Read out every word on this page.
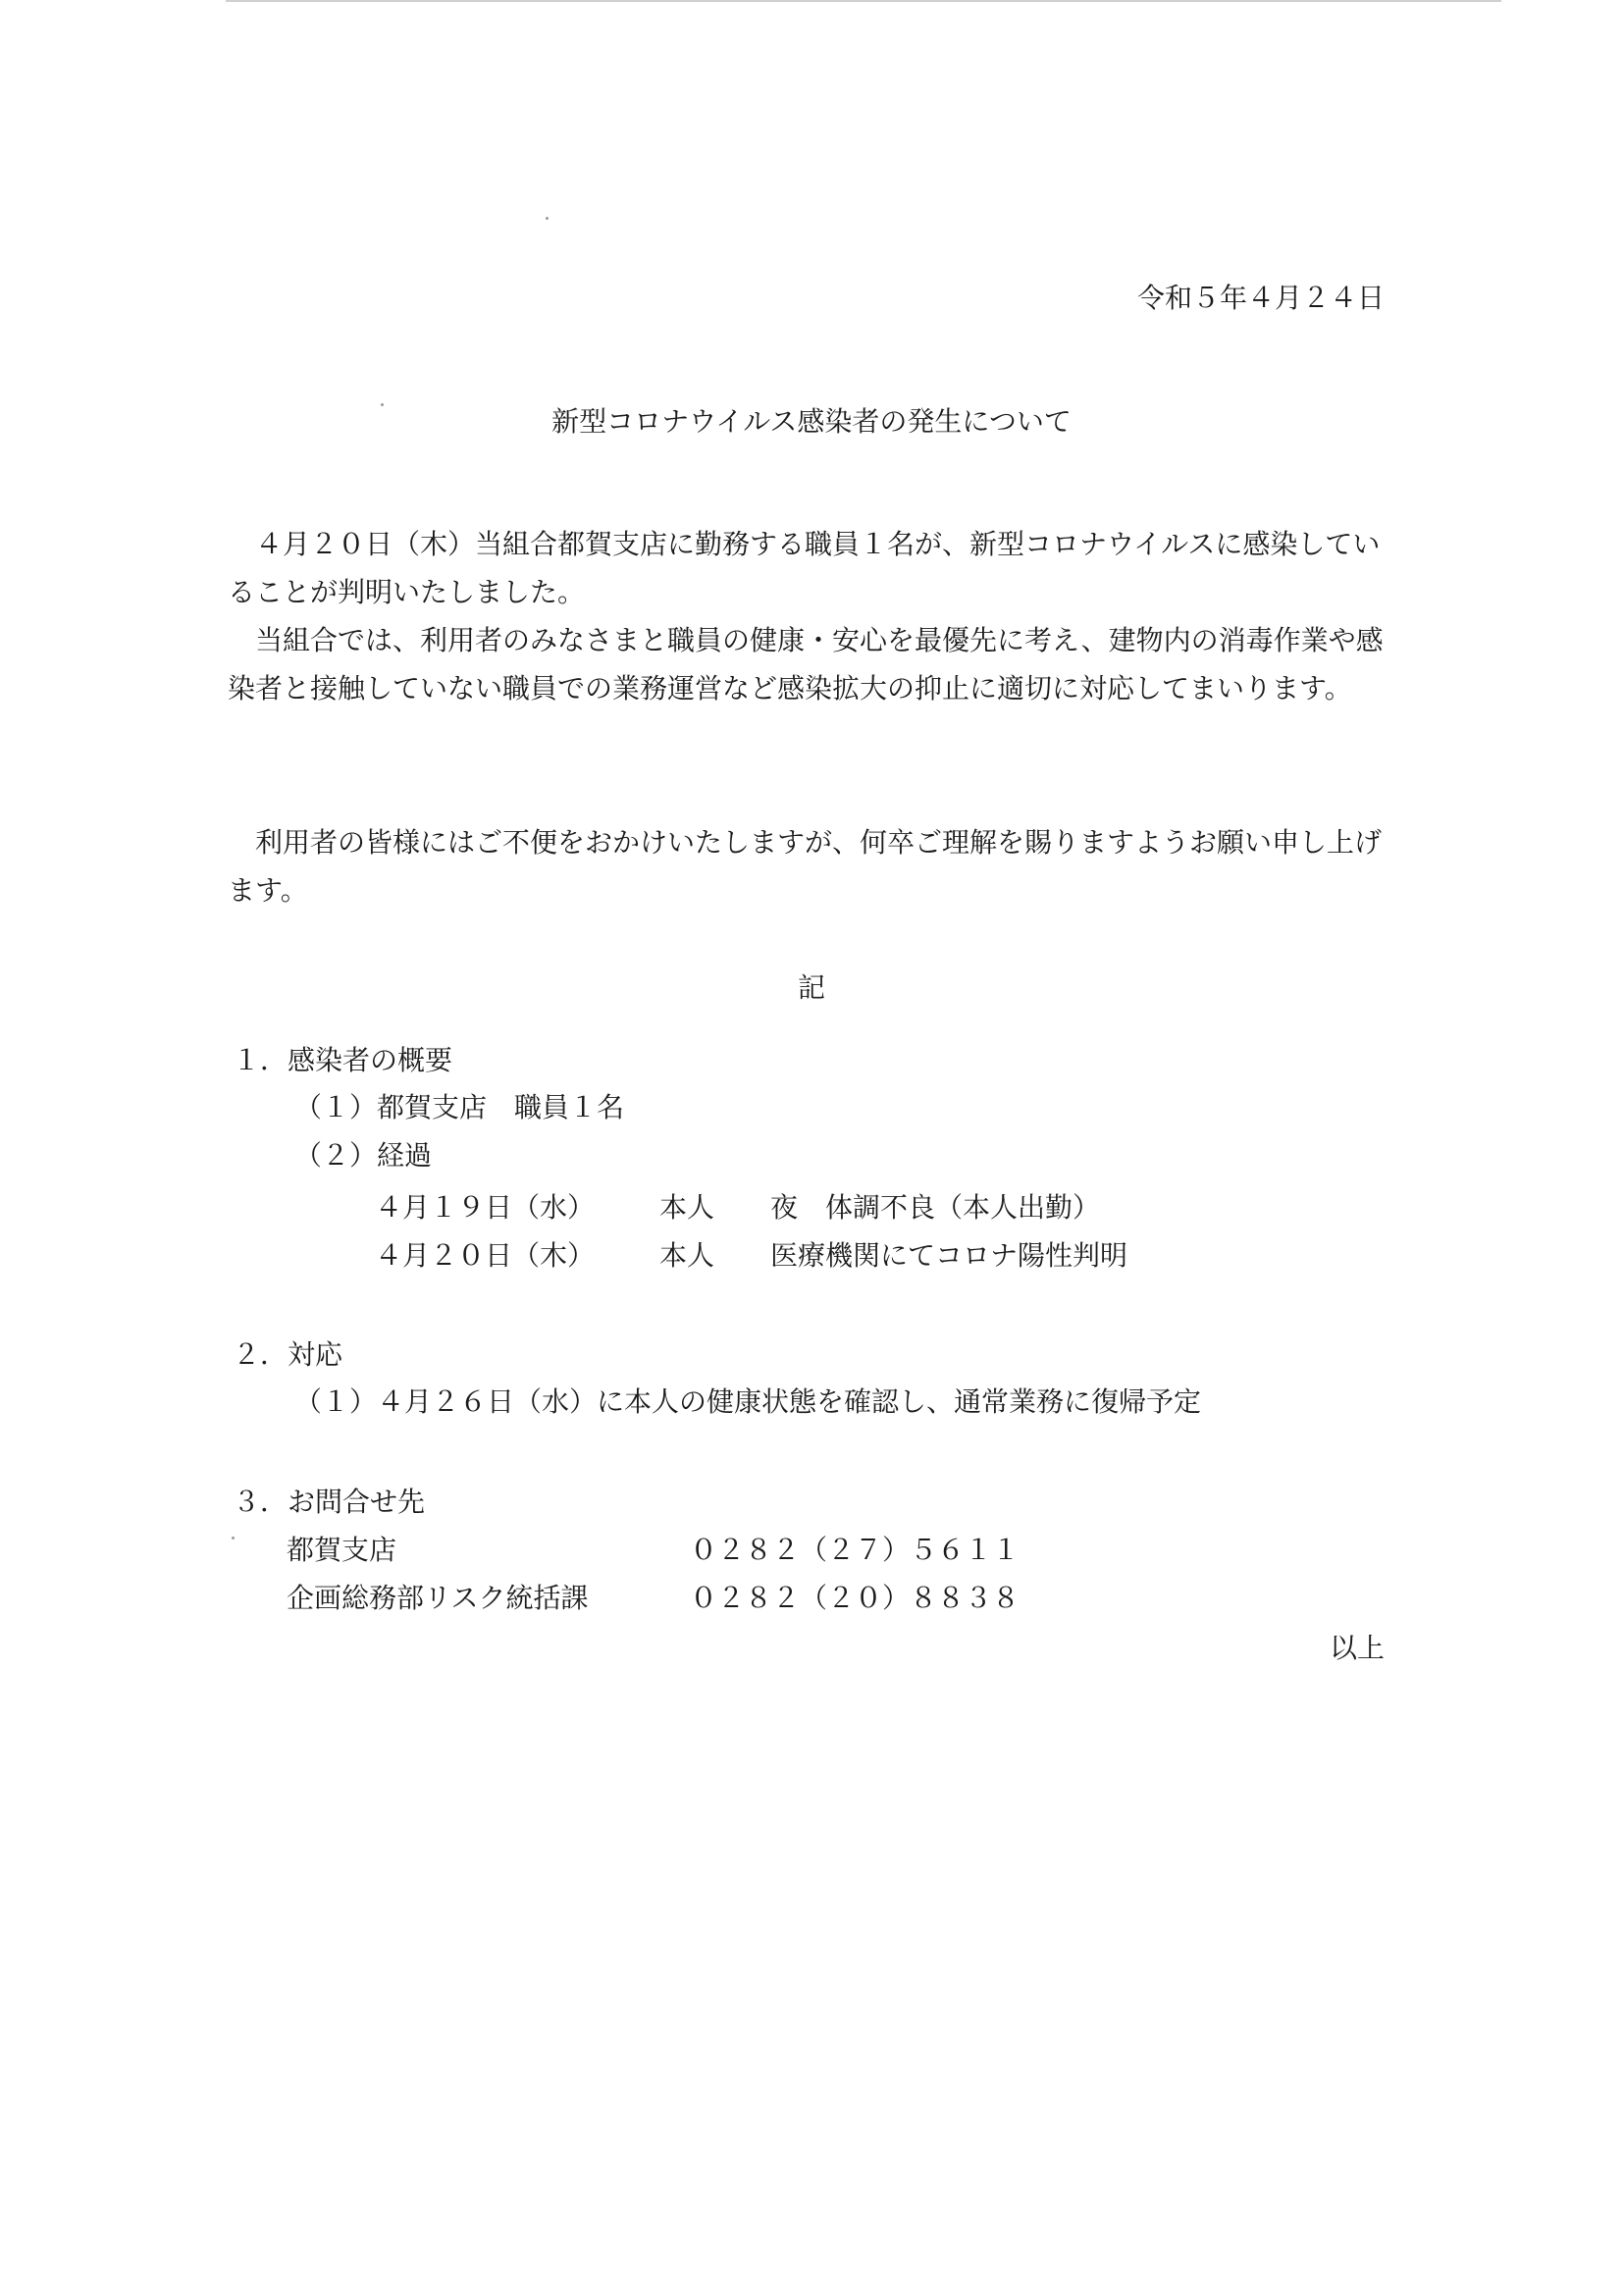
令和５年４月２４日
新型コロナウイルス感染者の発生について

４月２０日（木）当組合都賀支店に勤務する職員１名が、新型コロナウイルスに感染していることが判明いたしました。

当組合では、利用者のみなさまと職員の健康・安心を最優先に考え、建物内の消毒作業や感染者と接触していない職員での業務運営など感染拡大の抑止に適切に対応してまいります。

利用者の皆様にはご不便をおかけいたしますが、何卒ご理解を賜りますようお願い申し上げます。

記
１．感染者の概要
（１）都賀支店　職員１名
（２）経過
４月１９日（水） 本人 夜　体調不良（本人出勤）
４月２０日（木） 本人 医療機関にてコロナ陽性判明
２．対応
（１）４月２６日（水）に本人の健康状態を確認し、通常業務に復帰予定
３．お問合せ先
都賀支店	０２８２（２７）５６１１
企画総務部リスク統括課	０２８２（２０）８８３８
以上
